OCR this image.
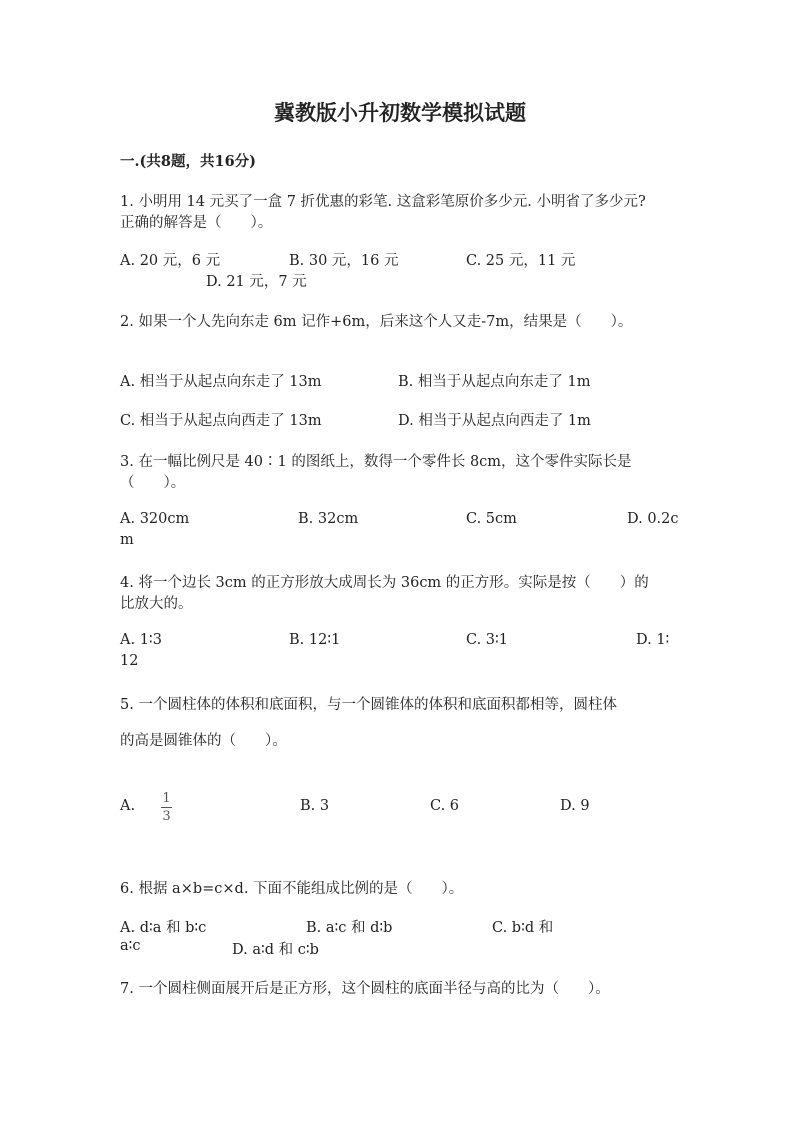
冀教版小升初数学模拟试题
一.(共8题，共16分)
1. 小明用 14 元买了一盒 7 折优惠的彩笔. 这盒彩笔原价多少元. 小明省了多少元?
正确的解答是（　　）。
A. 20 元，6 元	B. 30 元，16 元	C. 25 元，11 元
D. 21 元，7 元
2. 如果一个人先向东走 6m 记作+6m，后来这个人又走-7m，结果是（　　）。
A. 相当于从起点向东走了 13m	B. 相当于从起点向东走了 1m
C. 相当于从起点向西走了 13m	D. 相当于从起点向西走了 1m
3. 在一幅比例尺是 40∶1 的图纸上，数得一个零件长 8cm，这个零件实际长是
（　　）。
A. 320cm	B. 32cm	C. 5cm	D. 0.2c
m
4. 将一个边长 3cm 的正方形放大成周长为 36cm 的正方形。实际是按（　　）的
比放大的。
A. 1∶3	B. 12∶1	C. 3∶1	D. 1∶
12
5. 一个圆柱体的体积和底面积，与一个圆锥体的体积和底面积都相等，圆柱体
的高是圆锥体的（　　）。
A. 1
3
B. 3	C. 6	D. 9
6. 根据 a×b=c×d. 下面不能组成比例的是（　　）。
A. d∶a 和 b∶c	B. a∶c 和 d∶b	C. b∶d 和
a∶c	D. a∶d 和 c∶b
7. 一个圆柱侧面展开后是正方形，这个圆柱的底面半径与高的比为（　　）。
